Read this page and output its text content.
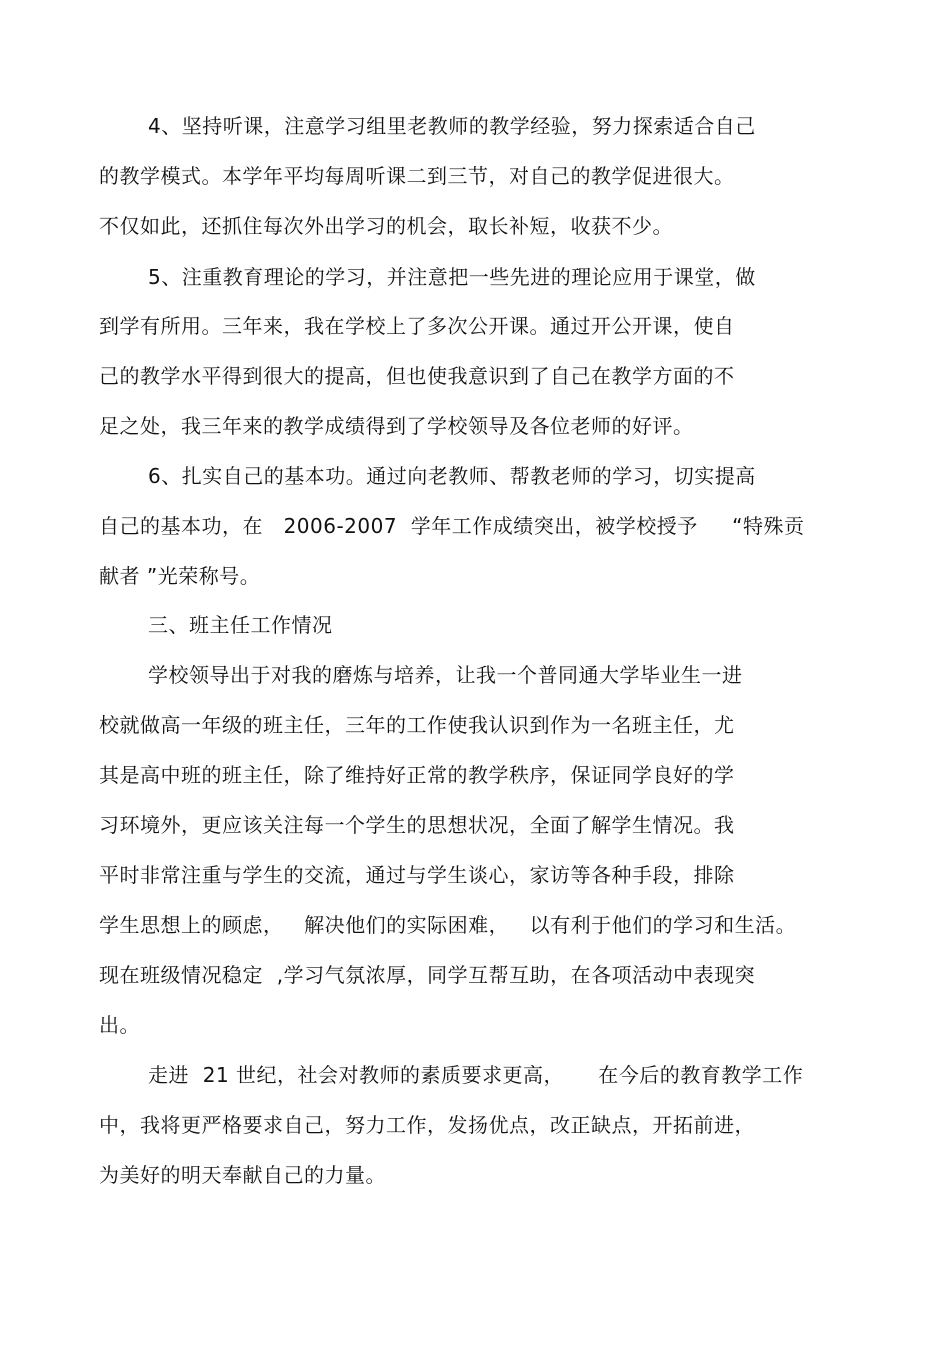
4、坚持听课，注意学习组里老教师的教学经验，努力探索适合自己
的教学模式。本学年平均每周听课二到三节，对自己的教学促进很大。
不仅如此，还抓住每次外出学习的机会，取长补短，收获不少。
5、注重教育理论的学习，并注意把一些先进的理论应用于课堂，做
到学有所用。三年来，我在学校上了多次公开课。通过开公开课，使自
己的教学水平得到很大的提高，但也使我意识到了自己在教学方面的不
足之处，我三年来的教学成绩得到了学校领导及各位老师的好评。
6、扎实自己的基本功。通过向老教师、帮教老师的学习，切实提高
自己的基本功，在   2006-2007  学年工作成绩突出，被学校授予     “特殊贡
献者 ”光荣称号。
三、班主任工作情况
学校领导出于对我的磨炼与培养，让我一个普同通大学毕业生一进
校就做高一年级的班主任，三年的工作使我认识到作为一名班主任，尤
其是高中班的班主任，除了维持好正常的教学秩序，保证同学良好的学
习环境外，更应该关注每一个学生的思想状况，全面了解学生情况。我
平时非常注重与学生的交流，通过与学生谈心，家访等各种手段，排除
学生思想上的顾虑，   解决他们的实际困难，   以有利于他们的学习和生活。
现在班级情况稳定  ,学习气氛浓厚，同学互帮互助，在各项活动中表现突
出。
走进  21 世纪，社会对教师的素质要求更高，     在今后的教育教学工作
中，我将更严格要求自己，努力工作，发扬优点，改正缺点，开拓前进，
为美好的明天奉献自己的力量。
